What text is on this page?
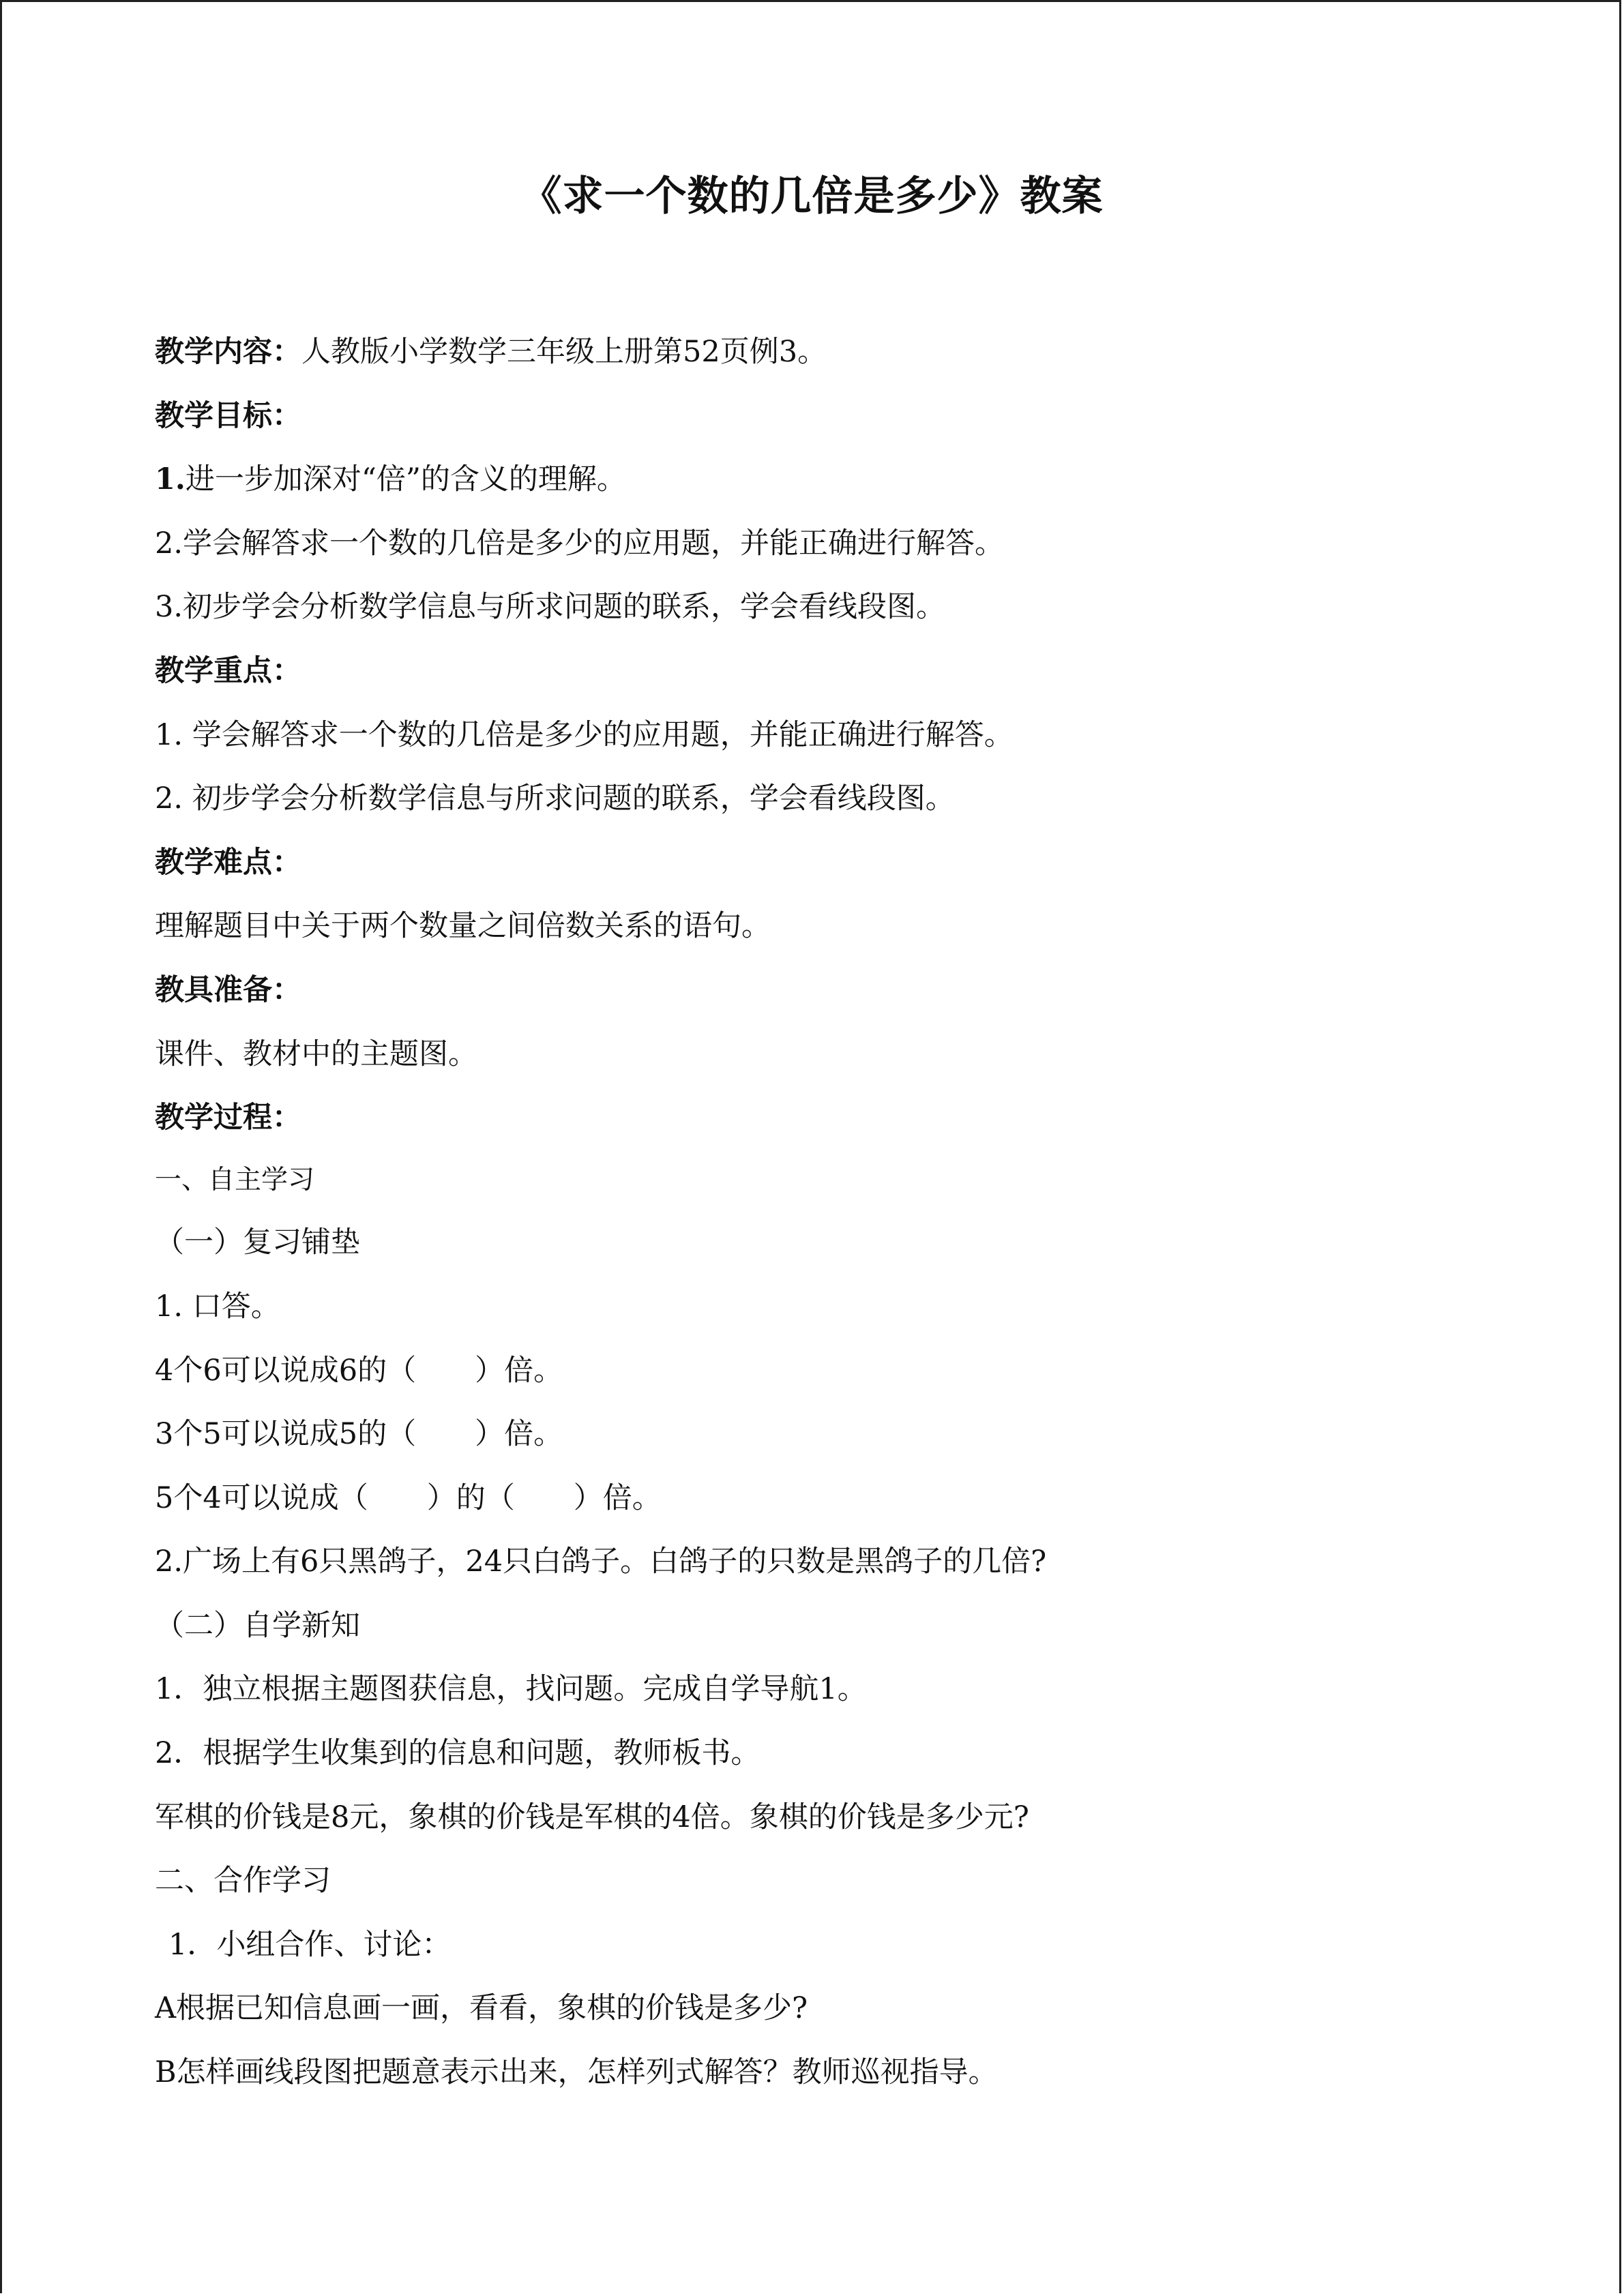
《求一个数的几倍是多少》教案
教学内容：人教版小学数学三年级上册第52页例3。
教学目标：
1.进一步加深对“倍”的含义的理解。
2.学会解答求一个数的几倍是多少的应用题，并能正确进行解答。
3.初步学会分析数学信息与所求问题的联系，学会看线段图。
教学重点：
1. 学会解答求一个数的几倍是多少的应用题，并能正确进行解答。
2. 初步学会分析数学信息与所求问题的联系，学会看线段图。
教学难点：
理解题目中关于两个数量之间倍数关系的语句。
教具准备：
课件、教材中的主题图。
教学过程：
一、自主学习
（一）复习铺垫
1. 口答。
4个6可以说成6的（　　）倍。
3个5可以说成5的（　　）倍。
5个4可以说成（　　）的（　　）倍。
2.广场上有6只黑鸽子，24只白鸽子。白鸽子的只数是黑鸽子的几倍?
（二）自学新知
1．独立根据主题图获信息，找问题。完成自学导航1。
2．根据学生收集到的信息和问题，教师板书。
军棋的价钱是8元，象棋的价钱是军棋的4倍。象棋的价钱是多少元?
二、合作学习
1．小组合作、讨论：
A根据已知信息画一画，看看，象棋的价钱是多少?
B怎样画线段图把题意表示出来，怎样列式解答？教师巡视指导。
